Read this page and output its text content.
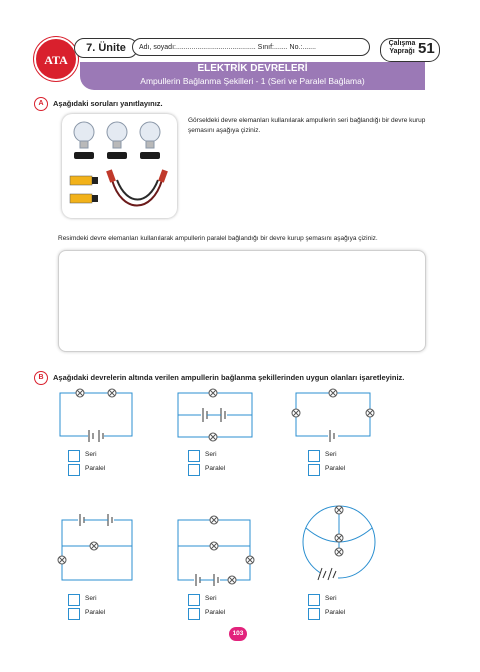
ATA
7. Ünite	Adı, soyadı:......................................... Sınıf:....... No.:.......
Çalışma
Yaprağı 51
ELEKTRİK DEVRELERİ
Ampullerin Bağlanma Şekilleri - 1 (Seri ve Paralel Bağlama)
A	Aşağıdaki soruları yanıtlayınız.
Görseldeki devre elemanları kullanılarak ampullerin seri bağlandığı bir devre kurup şemasını aşağıya çiziniz.
Resimdeki devre elemanları kullanılarak ampullerin paralel bağlandığı bir devre kurup şemasını aşağıya çiziniz.
B	Aşağıdaki devrelerin altında verilen ampullerin bağlanma şekillerinden uygun olanları işaretleyiniz.
Seri
Paralel
Seri
Paralel
Seri
Paralel
Seri
Paralel
Seri
Paralel
Seri
Paralel
103
